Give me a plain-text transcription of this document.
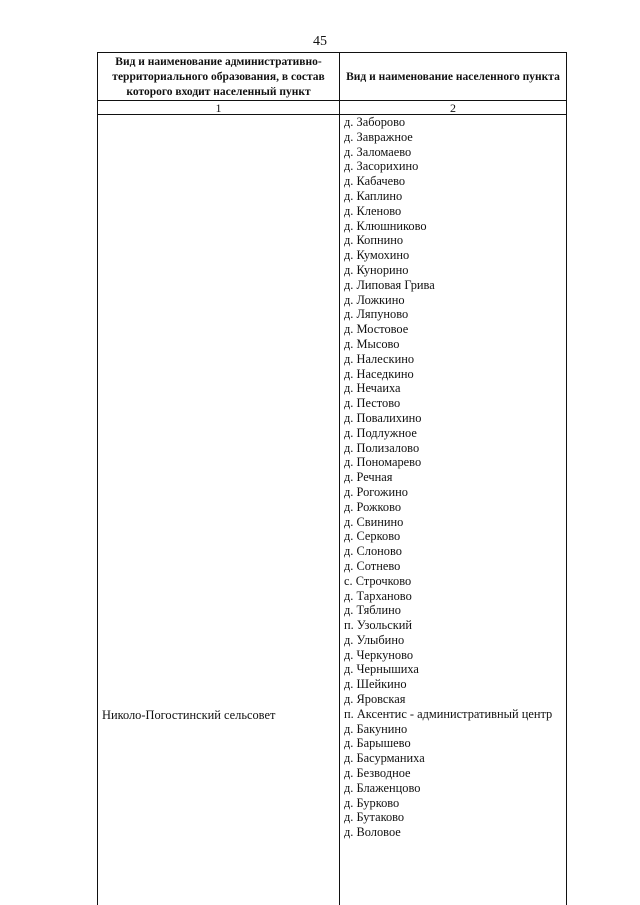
45
Вид и наименование административно-территориального образования, в состав которого входит населенный пункт
Вид и наименование населенного пункта
1	2
Николо-Погостинский сельсовет
д. Заборово
д. Завражное
д. Заломаево
д. Засорихино
д. Кабачево
д. Каплино
д. Кленово
д. Клюшниково
д. Копнино
д. Кумохино
д. Кунорино
д. Липовая Грива
д. Ложкино
д. Ляпуново
д. Мостовое
д. Мысово
д. Налескино
д. Наседкино
д. Нечаиха
д. Пестово
д. Повалихино
д. Подлужное
д. Полизалово
д. Пономарево
д. Речная
д. Рогожино
д. Рожково
д. Свинино
д. Серково
д. Слоново
д. Сотнево
с. Строчково
д. Тарханово
д. Тяблино
п. Узольский
д. Улыбино
д. Черкуново
д. Чернышиха
д. Шейкино
д. Яровская
п. Аксентис - административный центр
д. Бакунино
д. Барышево
д. Басурманиха
д. Безводное
д. Блаженцово
д. Бурково
д. Бутаково
д. Воловое
